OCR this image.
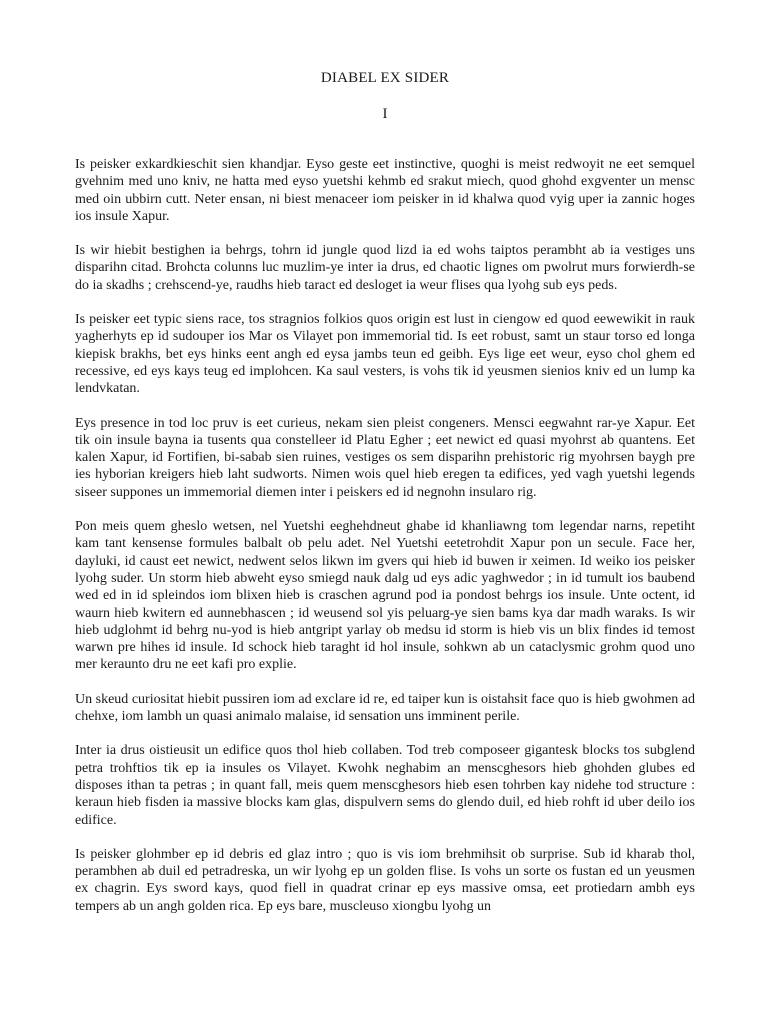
DIABEL EX SIDER
I

Is peisker exkardkieschit sien khandjar. Eyso geste eet instinctive, quoghi is meist redwoyit ne eet semquel gvehnim med uno kniv, ne hatta med eyso yuetshi kehmb ed srakut miech, quod ghohd exgventer un mensc med oin ubbirn cutt. Neter ensan, ni biest menaceer iom peisker in id khalwa quod vyig uper ia zannic hoges ios insule Xapur.

Is wir hiebit bestighen ia behrgs, tohrn id jungle quod lizd ia ed wohs taiptos perambht ab ia vestiges uns disparihn citad. Brohcta colunns luc muzlim-ye inter ia drus, ed chaotic lignes om pwolrut murs forwierdh-se do ia skadhs ; crehscend-ye, raudhs hieb taract ed desloget ia weur flises qua lyohg sub eys peds.

Is peisker eet typic siens race, tos stragnios folkios quos origin est lust in ciengow ed quod eewewikit in rauk yagherhyts ep id sudouper ios Mar os Vilayet pon immemorial tid. Is eet robust, samt un staur torso ed longa kiepisk brakhs, bet eys hinks eent angh ed eysa jambs teun ed geibh. Eys lige eet weur, eyso chol ghem ed recessive, ed eys kays teug ed implohcen. Ka saul vesters, is vohs tik id yeusmen sienios kniv ed un lump ka lendvkatan.

Eys presence in tod loc pruv is eet curieus, nekam sien pleist congeners. Mensci eegwahnt rar-ye Xapur. Eet tik oin insule bayna ia tusents qua constelleer id Platu Egher ; eet newict ed quasi myohrst ab quantens. Eet kalen Xapur, id Fortifien, bi-sabab sien ruines, vestiges os sem disparihn prehistoric rig myohrsen baygh pre ies hyborian kreigers hieb laht sudworts. Nimen wois quel hieb eregen ta edifices, yed vagh yuetshi legends siseer suppones un immemorial diemen inter i peiskers ed id negnohn insularo rig.

Pon meis quem gheslo wetsen, nel Yuetshi eeghehdneut ghabe id khanliawng tom legendar narns, repetiht kam tant kensense formules balbalt ob pelu adet. Nel Yuetshi eetetrohdit Xapur pon un secule. Face her, dayluki, id caust eet newict, nedwent selos likwn im gvers qui hieb id buwen ir xeimen. Id weiko ios peisker lyohg suder. Un storm hieb abweht eyso smiegd nauk dalg ud eys adic yaghwedor ; in id tumult ios baubend wed ed in id spleindos iom blixen hieb is craschen agrund pod ia pondost behrgs ios insule. Unte octent, id waurn hieb kwitern ed aunnebhascen ; id weusend sol yis peluarg-ye sien bams kya dar madh waraks. Is wir hieb udglohmt id behrg nu-yod is hieb antgript yarlay ob medsu id storm is hieb vis un blix findes id temost warwn pre hihes id insule. Id schock hieb taraght id hol insule, sohkwn ab un cataclysmic grohm quod uno mer keraunto dru ne eet kafi pro explie.

Un skeud curiositat hiebit pussiren iom ad exclare id re, ed taiper kun is oistahsit face quo is hieb gwohmen ad chehxe, iom lambh un quasi animalo malaise, id sensation uns imminent perile.

Inter ia drus oistieusit un edifice quos thol hieb collaben. Tod treb composeer gigantesk blocks tos subglend petra trohftios tik ep ia insules os Vilayet. Kwohk neghabim an menscghesors hieb ghohden glubes ed disposes ithan ta petras ; in quant fall, meis quem menscghesors hieb esen tohrben kay nidehe tod structure : keraun hieb fisden ia massive blocks kam glas, dispulvern sems do glendo duil, ed hieb rohft id uber deilo ios edifice.

Is peisker glohmber ep id debris ed glaz intro ; quo is vis iom brehmihsit ob surprise. Sub id kharab thol, perambhen ab duil ed petradreska, un wir lyohg ep un golden flise. Is vohs un sorte os fustan ed un yeusmen ex chagrin. Eys sword kays, quod fiell in quadrat crinar ep eys massive omsa, eet protiedarn ambh eys tempers ab un angh golden rica. Ep eys bare, muscleuso xiongbu lyohg un
